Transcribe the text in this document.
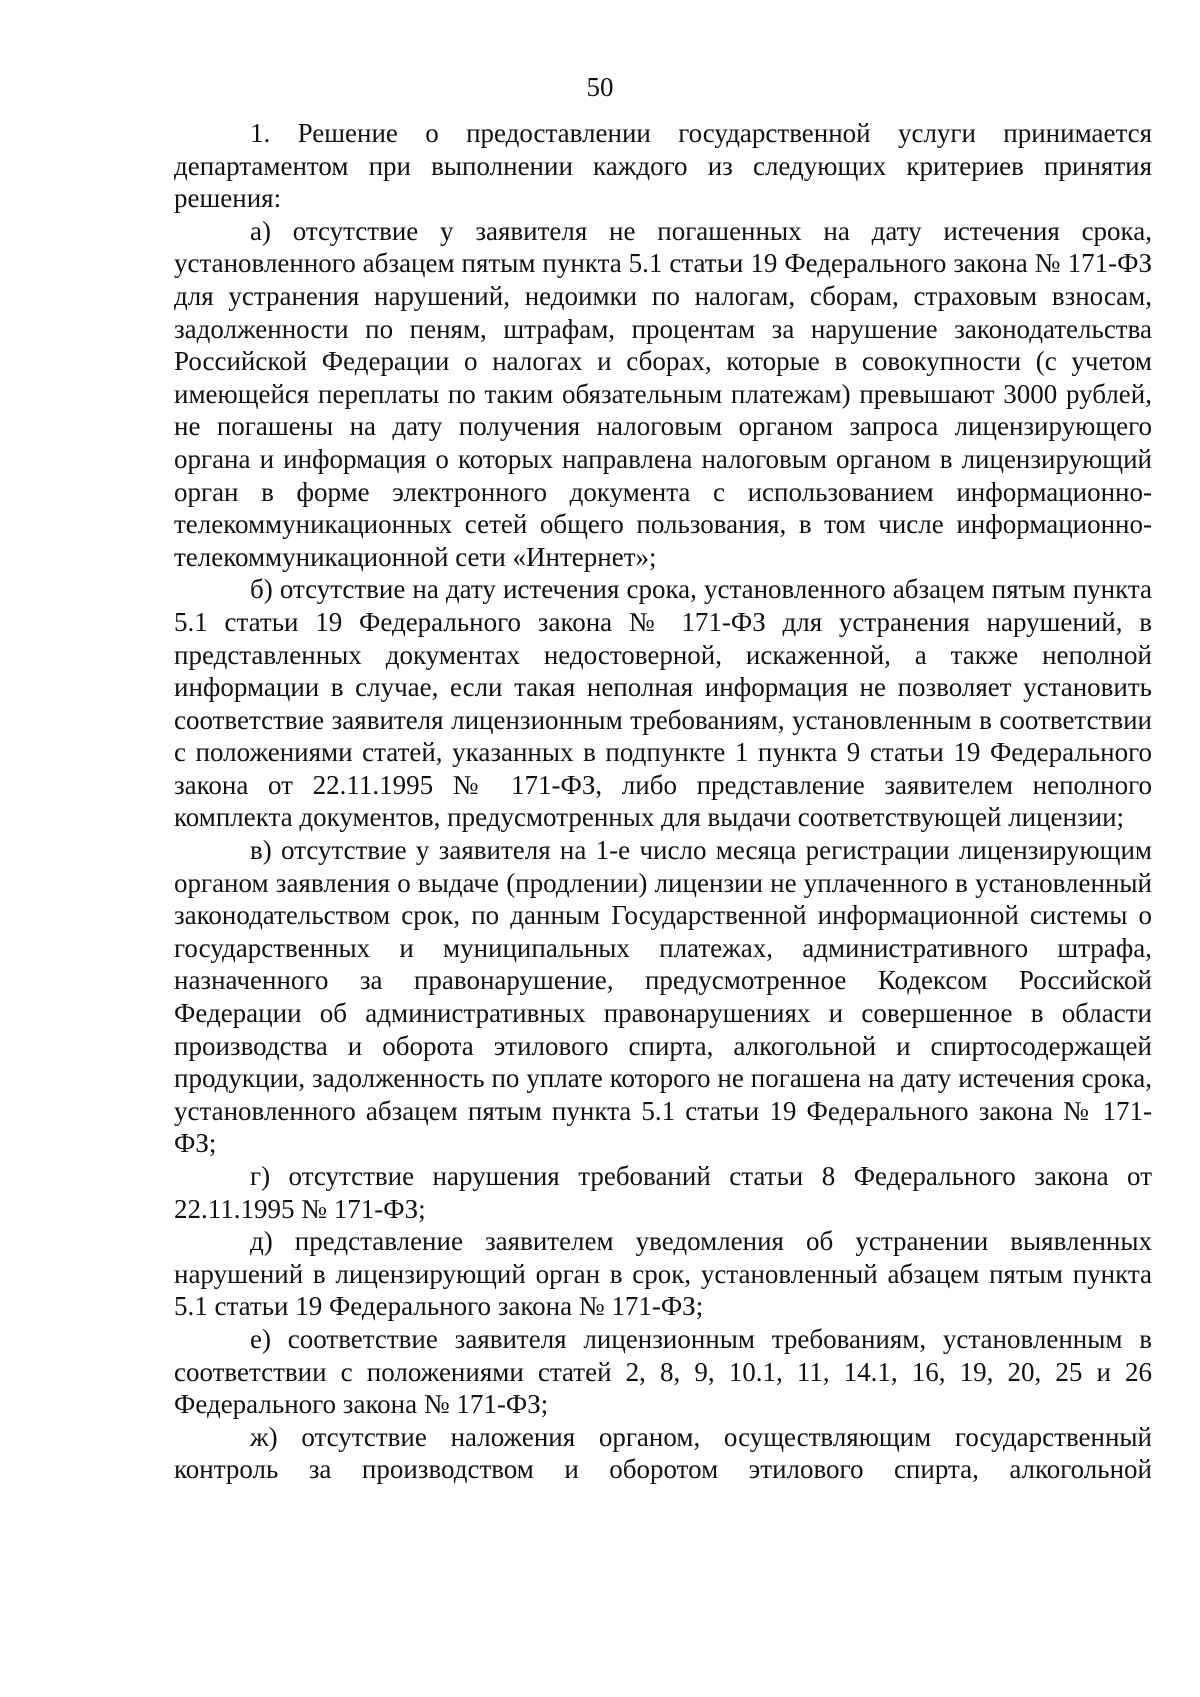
50

1. Решение о предоставлении государственной услуги принимается департаментом при выполнении каждого из следующих критериев принятия решения:

а) отсутствие у заявителя не погашенных на дату истечения срока, установленного абзацем пятым пункта 5.1 статьи 19 Федерального закона № 171-ФЗ для устранения нарушений, недоимки по налогам, сборам, страховым взносам, задолженности по пеням, штрафам, процентам за нарушение законодательства Российской Федерации о налогах и сборах, которые в совокупности (с учетом имеющейся переплаты по таким обязательным платежам) превышают 3000 рублей, не погашены на дату получения налоговым органом запроса лицензирующего органа и информация о которых направлена налоговым органом в лицензирующий орган в форме электронного документа с использованием информационно-телекоммуникационных сетей общего пользования, в том числе информационно-телекоммуникационной сети «Интернет»;

б) отсутствие на дату истечения срока, установленного абзацем пятым пункта 5.1 статьи 19 Федерального закона № 171-ФЗ для устранения нарушений, в представленных документах недостоверной, искаженной, а также неполной информации в случае, если такая неполная информация не позволяет установить соответствие заявителя лицензионным требованиям, установленным в соответствии с положениями статей, указанных в подпункте 1 пункта 9 статьи 19 Федерального закона от 22.11.1995 № 171-ФЗ, либо представление заявителем неполного комплекта документов, предусмотренных для выдачи соответствующей лицензии;

в) отсутствие у заявителя на 1-е число месяца регистрации лицензирующим органом заявления о выдаче (продлении) лицензии не уплаченного в установленный законодательством срок, по данным Государственной информационной системы о государственных и муниципальных платежах, административного штрафа, назначенного за правонарушение, предусмотренное Кодексом Российской Федерации об административных правонарушениях и совершенное в области производства и оборота этилового спирта, алкогольной и спиртосодержащей продукции, задолженность по уплате которого не погашена на дату истечения срока, установленного абзацем пятым пункта 5.1 статьи 19 Федерального закона № 171-ФЗ;

г) отсутствие нарушения требований статьи 8 Федерального закона от 22.11.1995 № 171-ФЗ;

д) представление заявителем уведомления об устранении выявленных нарушений в лицензирующий орган в срок, установленный абзацем пятым пункта 5.1 статьи 19 Федерального закона № 171-ФЗ;

е) соответствие заявителя лицензионным требованиям, установленным в соответствии с положениями статей 2, 8, 9, 10.1, 11, 14.1, 16, 19, 20, 25 и 26 Федерального закона № 171-ФЗ;

ж) отсутствие наложения органом, осуществляющим государственный контроль за производством и оборотом этилового спирта, алкогольной
